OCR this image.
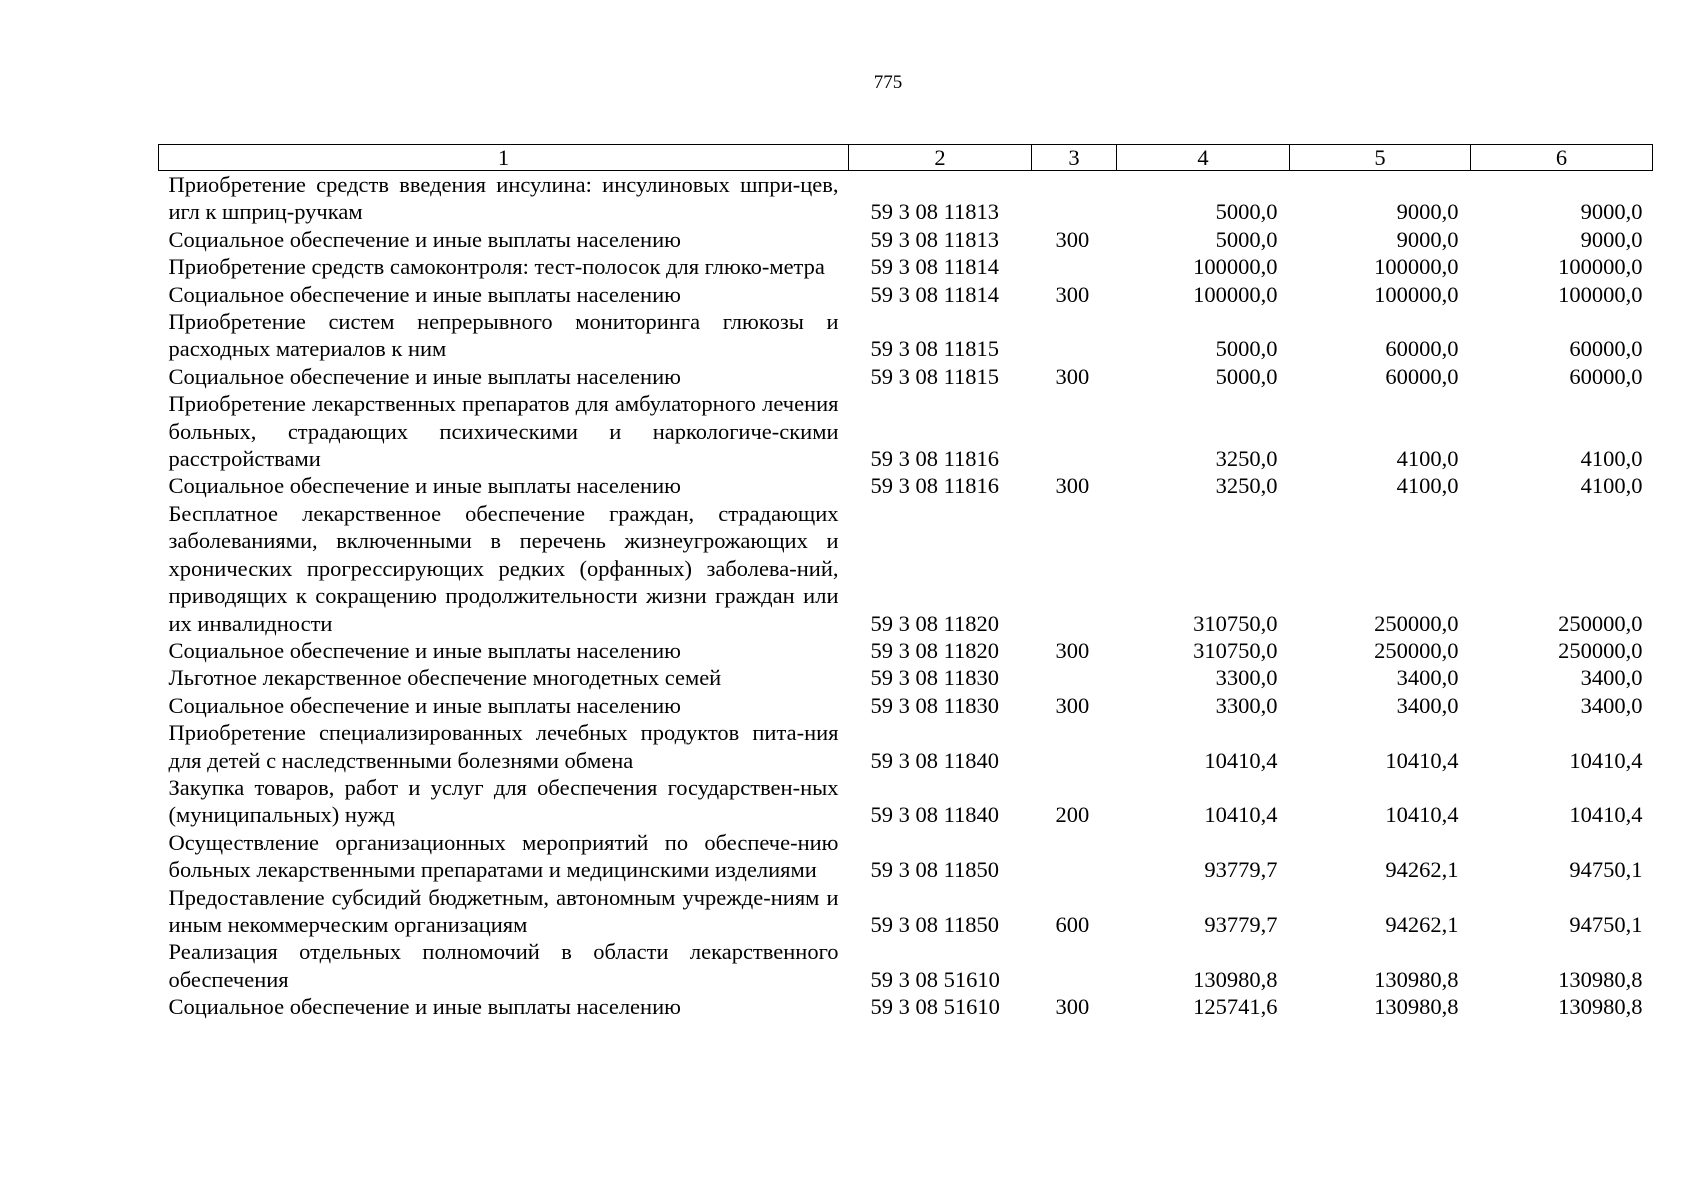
775
1	2	3	4	5	6
Приобретение средств введения инсулина: инсулиновых шпри-цев, игл к шприц-ручкам	59 3 08 11813		5000,0	9000,0	9000,0
Социальное обеспечение и иные выплаты населению	59 3 08 11813	300	5000,0	9000,0	9000,0
Приобретение средств самоконтроля: тест-полосок для глюко-метра	59 3 08 11814		100000,0	100000,0	100000,0
Социальное обеспечение и иные выплаты населению	59 3 08 11814	300	100000,0	100000,0	100000,0
Приобретение систем непрерывного мониторинга глюкозы и расходных материалов к ним	59 3 08 11815		5000,0	60000,0	60000,0
Социальное обеспечение и иные выплаты населению	59 3 08 11815	300	5000,0	60000,0	60000,0
Приобретение лекарственных препаратов для амбулаторного лечения больных, страдающих психическими и наркологиче-скими расстройствами	59 3 08 11816		3250,0	4100,0	4100,0
Социальное обеспечение и иные выплаты населению	59 3 08 11816	300	3250,0	4100,0	4100,0
Бесплатное лекарственное обеспечение граждан, страдающих заболеваниями, включенными в перечень жизнеугрожающих и хронических прогрессирующих редких (орфанных) заболева-ний, приводящих к сокращению продолжительности жизни граждан или их инвалидности	59 3 08 11820		310750,0	250000,0	250000,0
Социальное обеспечение и иные выплаты населению	59 3 08 11820	300	310750,0	250000,0	250000,0
Льготное лекарственное обеспечение многодетных семей	59 3 08 11830		3300,0	3400,0	3400,0
Социальное обеспечение и иные выплаты населению	59 3 08 11830	300	3300,0	3400,0	3400,0
Приобретение специализированных лечебных продуктов пита-ния для детей с наследственными болезнями обмена	59 3 08 11840		10410,4	10410,4	10410,4
Закупка товаров, работ и услуг для обеспечения государствен-ных (муниципальных) нужд	59 3 08 11840	200	10410,4	10410,4	10410,4
Осуществление организационных мероприятий по обеспече-нию больных лекарственными препаратами и медицинскими изделиями	59 3 08 11850		93779,7	94262,1	94750,1
Предоставление субсидий бюджетным, автономным учрежде-ниям и иным некоммерческим организациям	59 3 08 11850	600	93779,7	94262,1	94750,1
Реализация отдельных полномочий в области лекарственного обеспечения	59 3 08 51610		130980,8	130980,8	130980,8
Социальное обеспечение и иные выплаты населению	59 3 08 51610	300	125741,6	130980,8	130980,8
